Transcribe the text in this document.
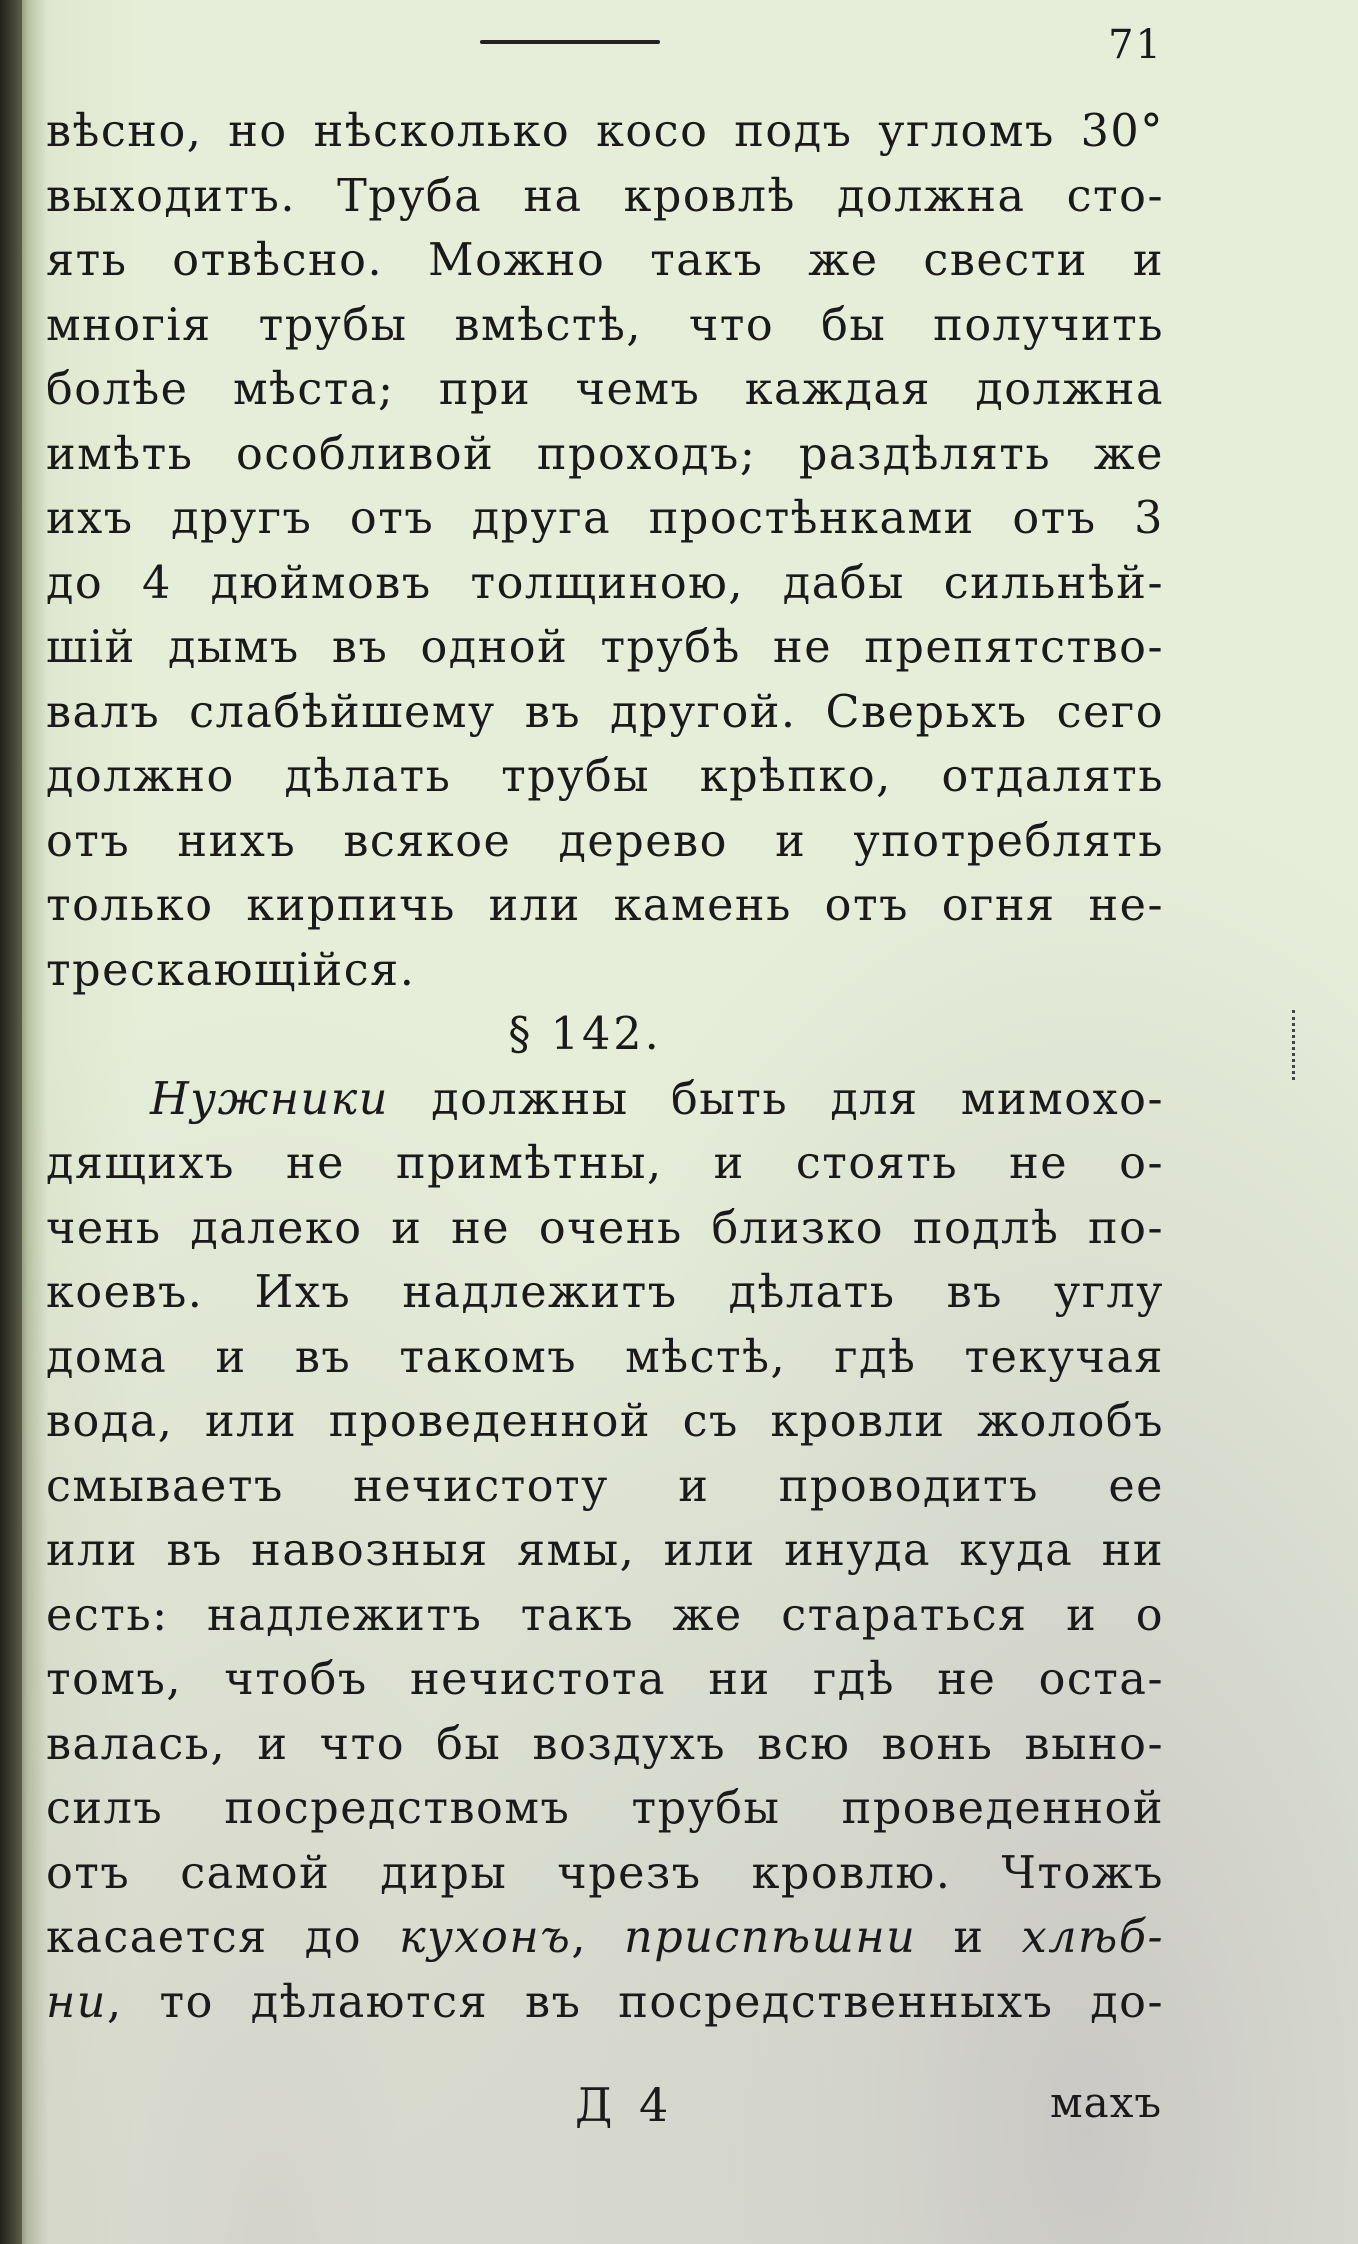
71
вѣсно, но нѣсколько косо подъ угломъ 30°
выходитъ. Труба на кровлѣ должна сто-
ять отвѣсно. Можно такъ же свести и
многія трубы вмѣстѣ, что бы получить
болѣе мѣста; при чемъ каждая должна
имѣть особливой проходъ; раздѣлять же
ихъ другъ отъ друга простѣнками отъ 3
до 4 дюймовъ толщиною, дабы сильнѣй-
шій дымъ въ одной трубѣ не препятство-
валъ слабѣйшему въ другой. Сверьхъ сего
должно дѣлать трубы крѣпко, отдалять
отъ нихъ всякое дерево и употреблять
только кирпичь или камень отъ огня не-
трескающійся.
§ 142.
Нужники должны быть для мимохо-
дящихъ не примѣтны, и стоять не о-
чень далеко и не очень близко подлѣ по-
коевъ. Ихъ надлежитъ дѣлать въ углу
дома и въ такомъ мѣстѣ, гдѣ текучая
вода, или проведенной съ кровли жолобъ
смываетъ нечистоту и проводитъ ее
или въ навозныя ямы, или инуда куда ни
есть: надлежитъ такъ же стараться и о
томъ, чтобъ нечистота ни гдѣ не оста-
валась, и что бы воздухъ всю вонь выно-
силъ посредствомъ трубы проведенной
отъ самой диры чрезъ кровлю. Чтожъ
касается до кухонъ, приспѣшни и хлѣб-
ни, то дѣлаются въ посредственныхъ до-
Д 4	махъ
